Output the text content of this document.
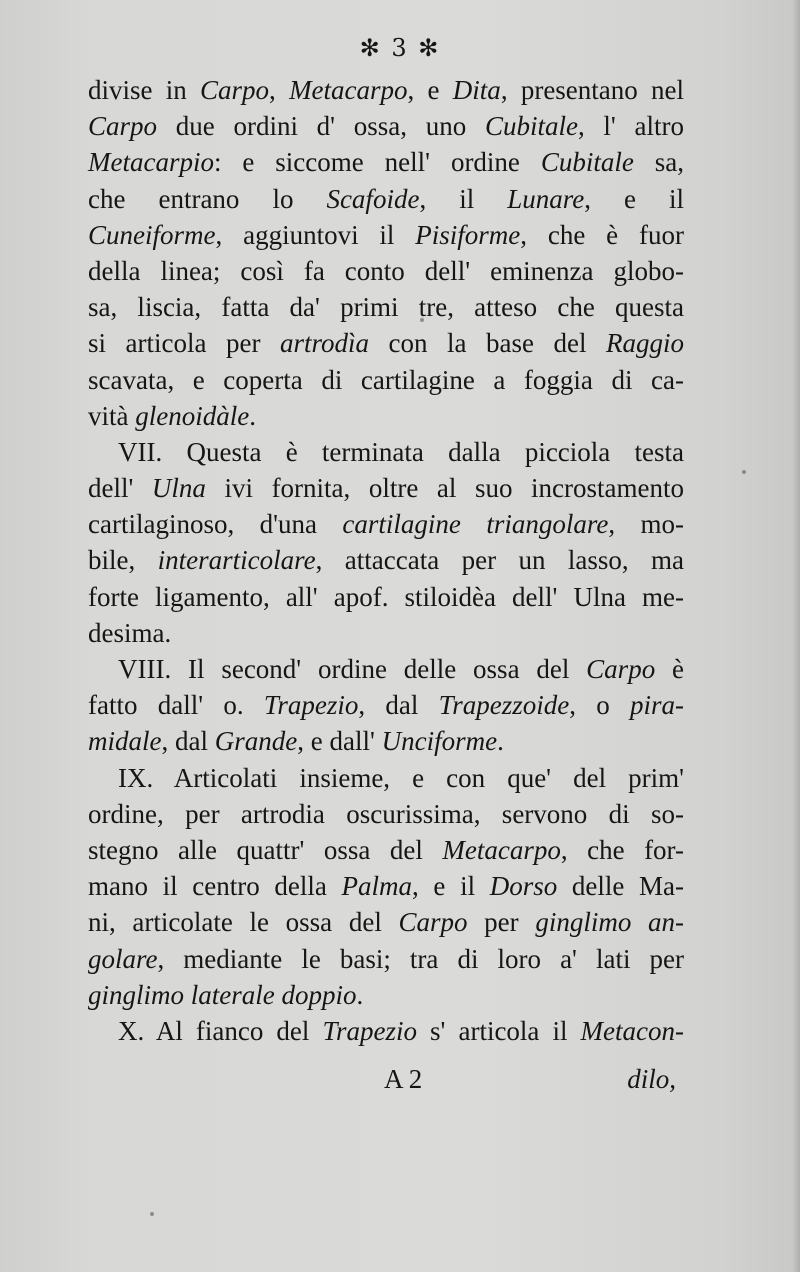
✻ 3 ✻
divise in Carpo, Metacarpo, e Dita, presentano nel
Carpo due ordini d' ossa, uno Cubitale, l' altro
Metacarpio: e siccome nell' ordine Cubitale sa,
che entrano lo Scafoide, il Lunare, e il
Cuneiforme, aggiuntovi il Pisiforme, che è fuor
della linea; così fa conto dell' eminenza globo-
sa, liscia, fatta da' primi tre, atteso che questa
si articola per artrodìa con la base del Raggio
scavata, e coperta di cartilagine a foggia di ca-
vità glenoidàle.
VII. Questa è terminata dalla picciola testa
dell' Ulna ivi fornita, oltre al suo incrostamento
cartilaginoso, d'una cartilagine triangolare, mo-
bile, interarticolare, attaccata per un lasso, ma
forte ligamento, all' apof. stiloidèa dell' Ulna me-
desima.
VIII. Il second' ordine delle ossa del Carpo è
fatto dall' o. Trapezio, dal Trapezzoide, o pira-
midale, dal Grande, e dall' Unciforme.
IX. Articolati insieme, e con que' del prim'
ordine, per artrodia oscurissima, servono di so-
stegno alle quattr' ossa del Metacarpo, che for-
mano il centro della Palma, e il Dorso delle Ma-
ni, articolate le ossa del Carpo per ginglimo an-
golare, mediante le basi; tra di loro a' lati per
ginglimo laterale doppio.
X. Al fianco del Trapezio s' articola il Metacon-
A 2	dilo,
